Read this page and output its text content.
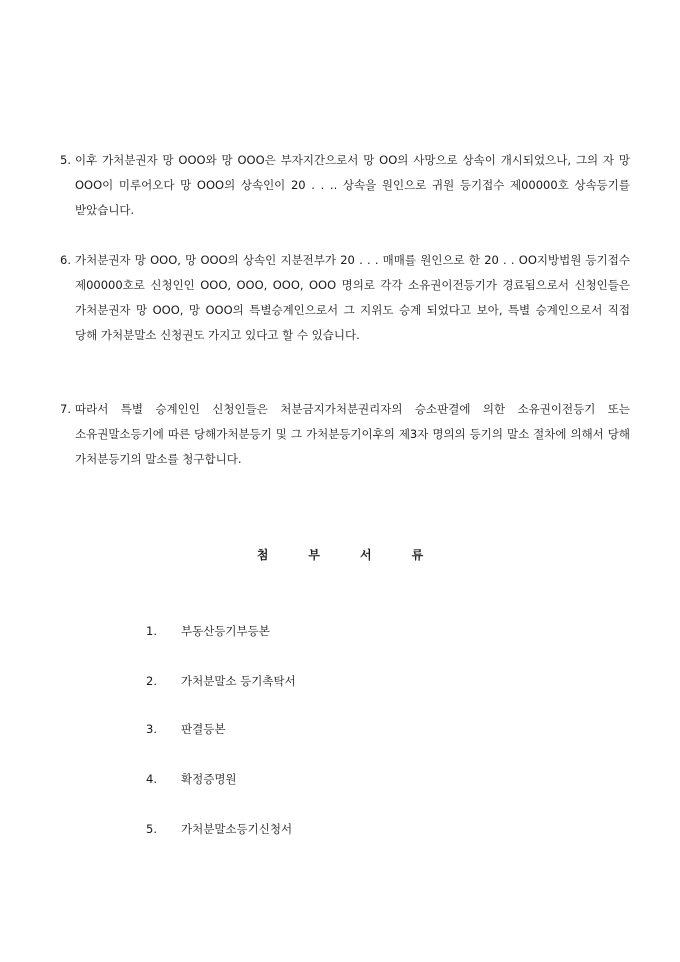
5. 이후 가처분권자 망 OOO와 망 OOO은 부자지간으로서 망 OO의 사망으로 상속이 개시되었으나, 그의 자 망 OOO이 미루어오다 망 OOO의 상속인이 20 . . .. 상속을 원인으로 귀원 등기접수 제00000호 상속등기를 받았습니다.
6. 가처분권자 망 OOO, 망 OOO의 상속인 지분전부가 20 . . . 매매를 원인으로 한 20 . . OO지방법원 등기접수 제00000호로 신청인인 OOO, OOO, OOO, OOO 명의로 각각 소유권이전등기가 경료됨으로서 신청인들은 가처분권자 망 OOO, 망 OOO의 특별승계인으로서 그 지위도 승계 되었다고 보아, 특별 승계인으로서 직접 당해 가처분말소 신청권도 가지고 있다고 할 수 있습니다.
7. 따라서 특별 승계인인 신청인들은 처분금지가처분권리자의 승소판결에 의한 소유권이전등기 또는 소유권말소등기에 따른 당해가처분등기 및 그 가처분등기이후의 제3자 명의의 등기의 말소 절차에 의해서 당해 가처분등기의 말소를 청구합니다.
첨부서류
1.	부동산등기부등본
2.	가처분말소 등기촉탁서
3.	판결등본
4.	확정증명원
5.	가처분말소등기신청서
